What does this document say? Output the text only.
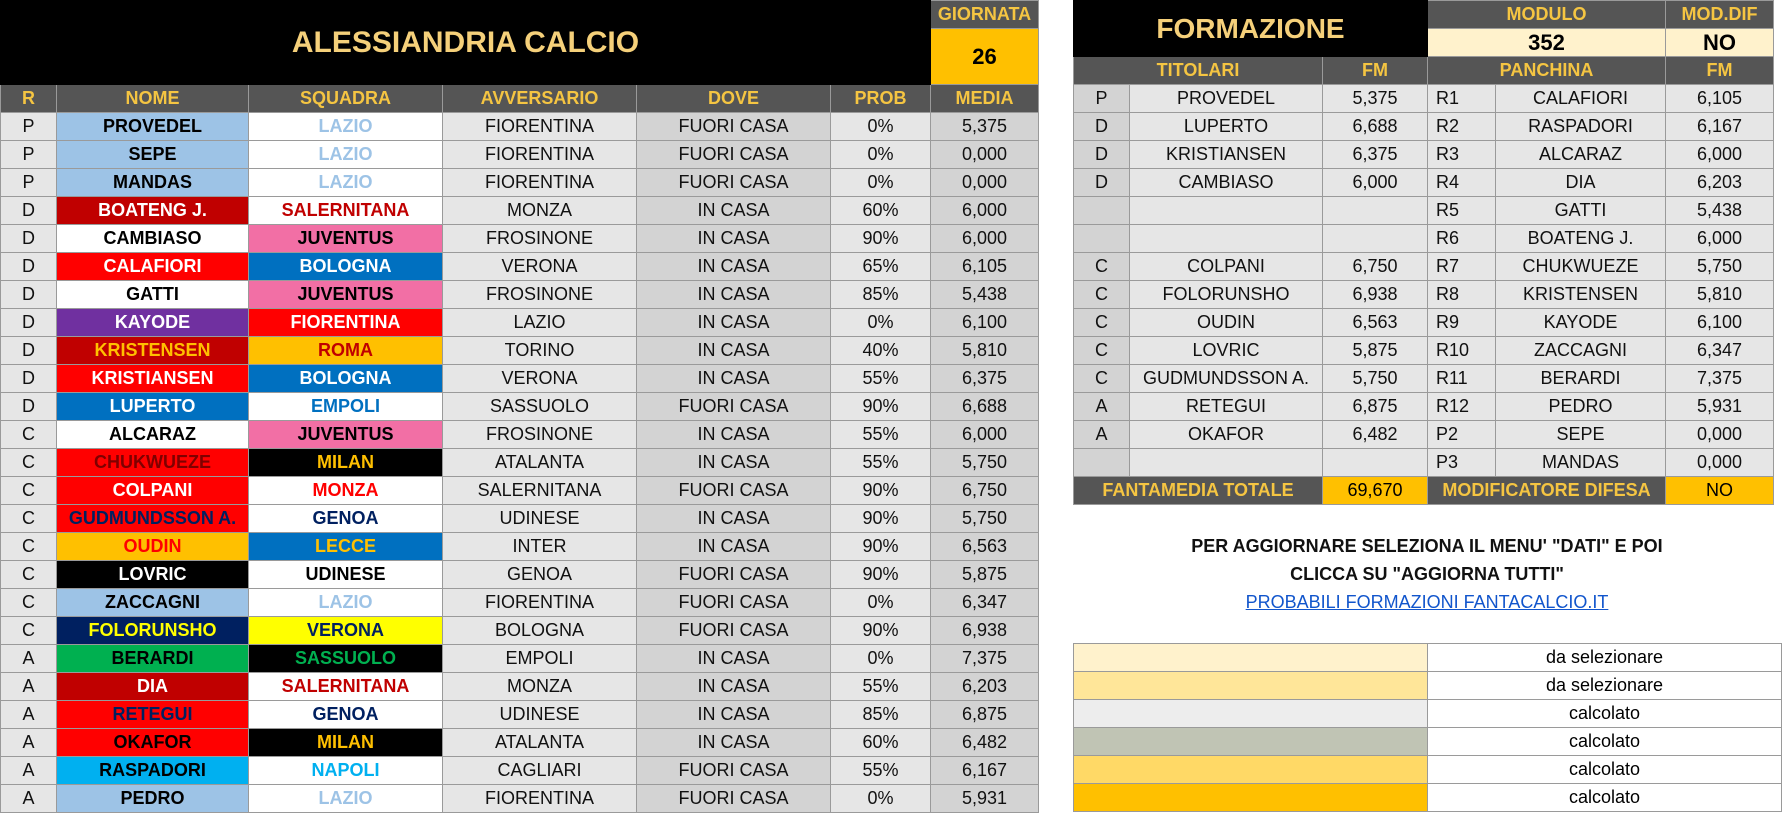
ALESSIANDRIA CALCIO						GIORNATA
						26
R	NOME	SQUADRA	AVVERSARIO	DOVE	PROB	MEDIA
P	PROVEDEL	LAZIO	FIORENTINA	FUORI CASA	0%	5,375
P	SEPE	LAZIO	FIORENTINA	FUORI CASA	0%	0,000
P	MANDAS	LAZIO	FIORENTINA	FUORI CASA	0%	0,000
D	BOATENG J.	SALERNITANA	MONZA	IN CASA	60%	6,000
D	CAMBIASO	JUVENTUS	FROSINONE	IN CASA	90%	6,000
D	CALAFIORI	BOLOGNA	VERONA	IN CASA	65%	6,105
D	GATTI	JUVENTUS	FROSINONE	IN CASA	85%	5,438
D	KAYODE	FIORENTINA	LAZIO	IN CASA	0%	6,100
D	KRISTENSEN	ROMA	TORINO	IN CASA	40%	5,810
D	KRISTIANSEN	BOLOGNA	VERONA	IN CASA	55%	6,375
D	LUPERTO	EMPOLI	SASSUOLO	FUORI CASA	90%	6,688
C	ALCARAZ	JUVENTUS	FROSINONE	IN CASA	55%	6,000
C	CHUKWUEZE	MILAN	ATALANTA	IN CASA	55%	5,750
C	COLPANI	MONZA	SALERNITANA	FUORI CASA	90%	6,750
C	GUDMUNDSSON A.	GENOA	UDINESE	IN CASA	90%	5,750
C	OUDIN	LECCE	INTER	IN CASA	90%	6,563
C	LOVRIC	UDINESE	GENOA	FUORI CASA	90%	5,875
C	ZACCAGNI	LAZIO	FIORENTINA	FUORI CASA	0%	6,347
C	FOLORUNSHO	VERONA	BOLOGNA	FUORI CASA	90%	6,938
A	BERARDI	SASSUOLO	EMPOLI	IN CASA	0%	7,375
A	DIA	SALERNITANA	MONZA	IN CASA	55%	6,203
A	RETEGUI	GENOA	UDINESE	IN CASA	85%	6,875
A	OKAFOR	MILAN	ATALANTA	IN CASA	60%	6,482
A	RASPADORI	NAPOLI	CAGLIARI	FUORI CASA	55%	6,167
A	PEDRO	LAZIO	FIORENTINA	FUORI CASA	0%	5,931
FORMAZIONE			MODULO		MOD.DIF
			352		NO
TITOLARI		FM	PANCHINA		FM
P	PROVEDEL	5,375	R1	CALAFIORI	6,105
D	LUPERTO	6,688	R2	RASPADORI	6,167
D	KRISTIANSEN	6,375	R3	ALCARAZ	6,000
D	CAMBIASO	6,000	R4	DIA	6,203
			R5	GATTI	5,438
			R6	BOATENG J.	6,000
C	COLPANI	6,750	R7	CHUKWUEZE	5,750
C	FOLORUNSHO	6,938	R8	KRISTENSEN	5,810
C	OUDIN	6,563	R9	KAYODE	6,100
C	LOVRIC	5,875	R10	ZACCAGNI	6,347
C	GUDMUNDSSON A.	5,750	R11	BERARDI	7,375
A	RETEGUI	6,875	R12	PEDRO	5,931
A	OKAFOR	6,482	P2	SEPE	0,000
			P3	MANDAS	0,000
FANTAMEDIA TOTALE		69,670	MODIFICATORE DIFESA		NO
PER AGGIORNARE SELEZIONA IL MENU' "DATI" E POI
CLICCA SU "AGGIORNA TUTTI"
PROBABILI FORMAZIONI FANTACALCIO.IT
	da selezionare
	da selezionare
	calcolato
	calcolato
	calcolato
	calcolato
